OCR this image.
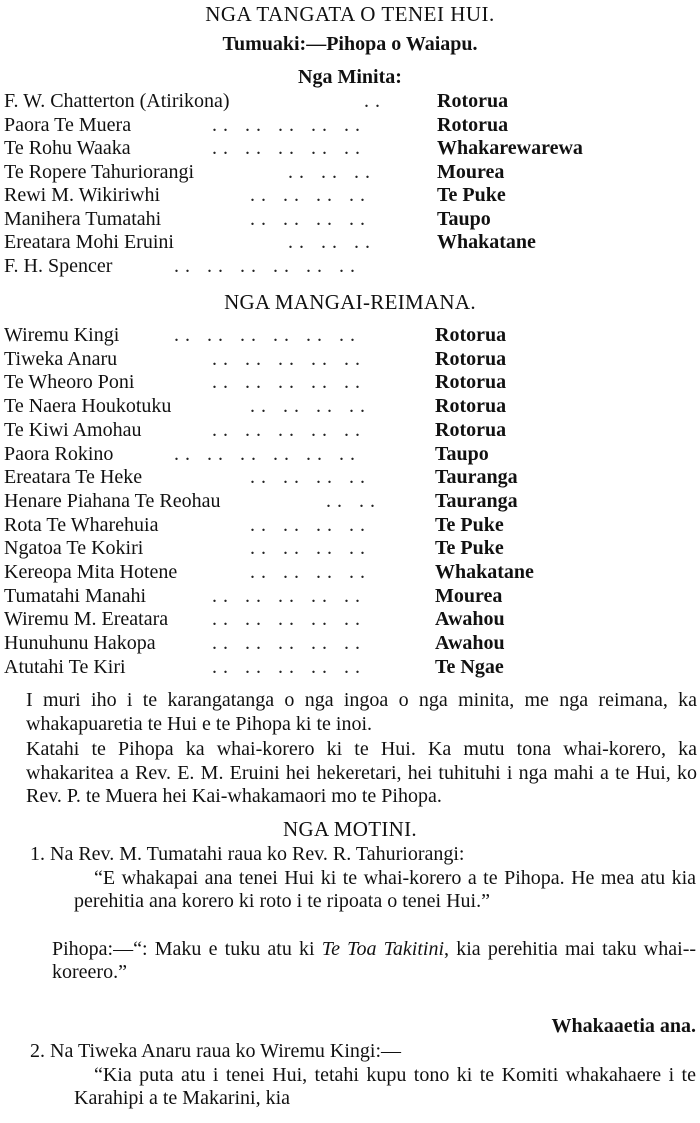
NGA TANGATA O TENEI HUI.
Tumuaki:—Pihopa o Waiapu.
Nga Minita:
F. W. Chatterton (Atirikona)	..	Rotorua
Paora Te Muera	.. .. .. .. ..	Rotorua
Te Rohu Waaka	.. .. .. .. ..	Whakarewarewa
Te Ropere Tahuriorangi	.. .. ..	Mourea
Rewi M. Wikiriwhi	.. .. .. ..	Te Puke
Manihera Tumatahi	.. .. .. ..	Taupo
Ereatara Mohi Eruini	.. .. ..	Whakatane
F. H. Spencer	.. .. .. .. .. ..
NGA MANGAI-REIMANA.
Wiremu Kingi	.. .. .. .. .. ..	Rotorua
Tiweka Anaru	.. .. .. .. ..	Rotorua
Te Wheoro Poni	.. .. .. .. ..	Rotorua
Te Naera Houkotuku	.. .. .. ..	Rotorua
Te Kiwi Amohau	.. .. .. .. ..	Rotorua
Paora Rokino	.. .. .. .. .. ..	Taupo
Ereatara Te Heke	.. .. .. ..	Tauranga
Henare Piahana Te Reohau	.. ..	Tauranga
Rota Te Wharehuia	.. .. .. ..	Te Puke
Ngatoa Te Kokiri	.. .. .. ..	Te Puke
Kereopa Mita Hotene	.. .. .. ..	Whakatane
Tumatahi Manahi	.. .. .. .. ..	Mourea
Wiremu M. Ereatara .. .. .. .. ..	Awahou
Hunuhunu Hakopa	.. .. .. .. ..	Awahou
Atutahi Te Kiri	.. .. .. .. ..	Te Ngae
I muri iho i te karangatanga o nga ingoa o nga minita, me nga reimana, ka whakapuaretia te Hui e te Pihopa ki te inoi.
Katahi te Pihopa ka whai-korero ki te Hui. Ka mutu tona whai-korero, ka whakaritea a Rev. E. M. Eruini hei hekeretari, hei tuhituhi i nga mahi a te Hui, ko Rev. P. te Muera hei Kai-whakamaori mo te Pihopa.
NGA MOTINI.
1. Na Rev. M. Tumatahi raua ko Rev. R. Tahuriorangi:
“E whakapai ana tenei Hui ki te whai-korero a te Pihopa. He mea atu kia perehitia ana korero ki roto i te ripoata o tenei Hui.”
Pihopa:—“: Maku e tuku atu ki Te Toa Takitini, kia perehitia mai taku whai--koreero.”
Whakaaetia ana.
2. Na Tiweka Anaru raua ko Wiremu Kingi:—
“Kia puta atu i tenei Hui, tetahi kupu tono ki te Komiti whakahaere i te Karahipi a te Makarini, kia
